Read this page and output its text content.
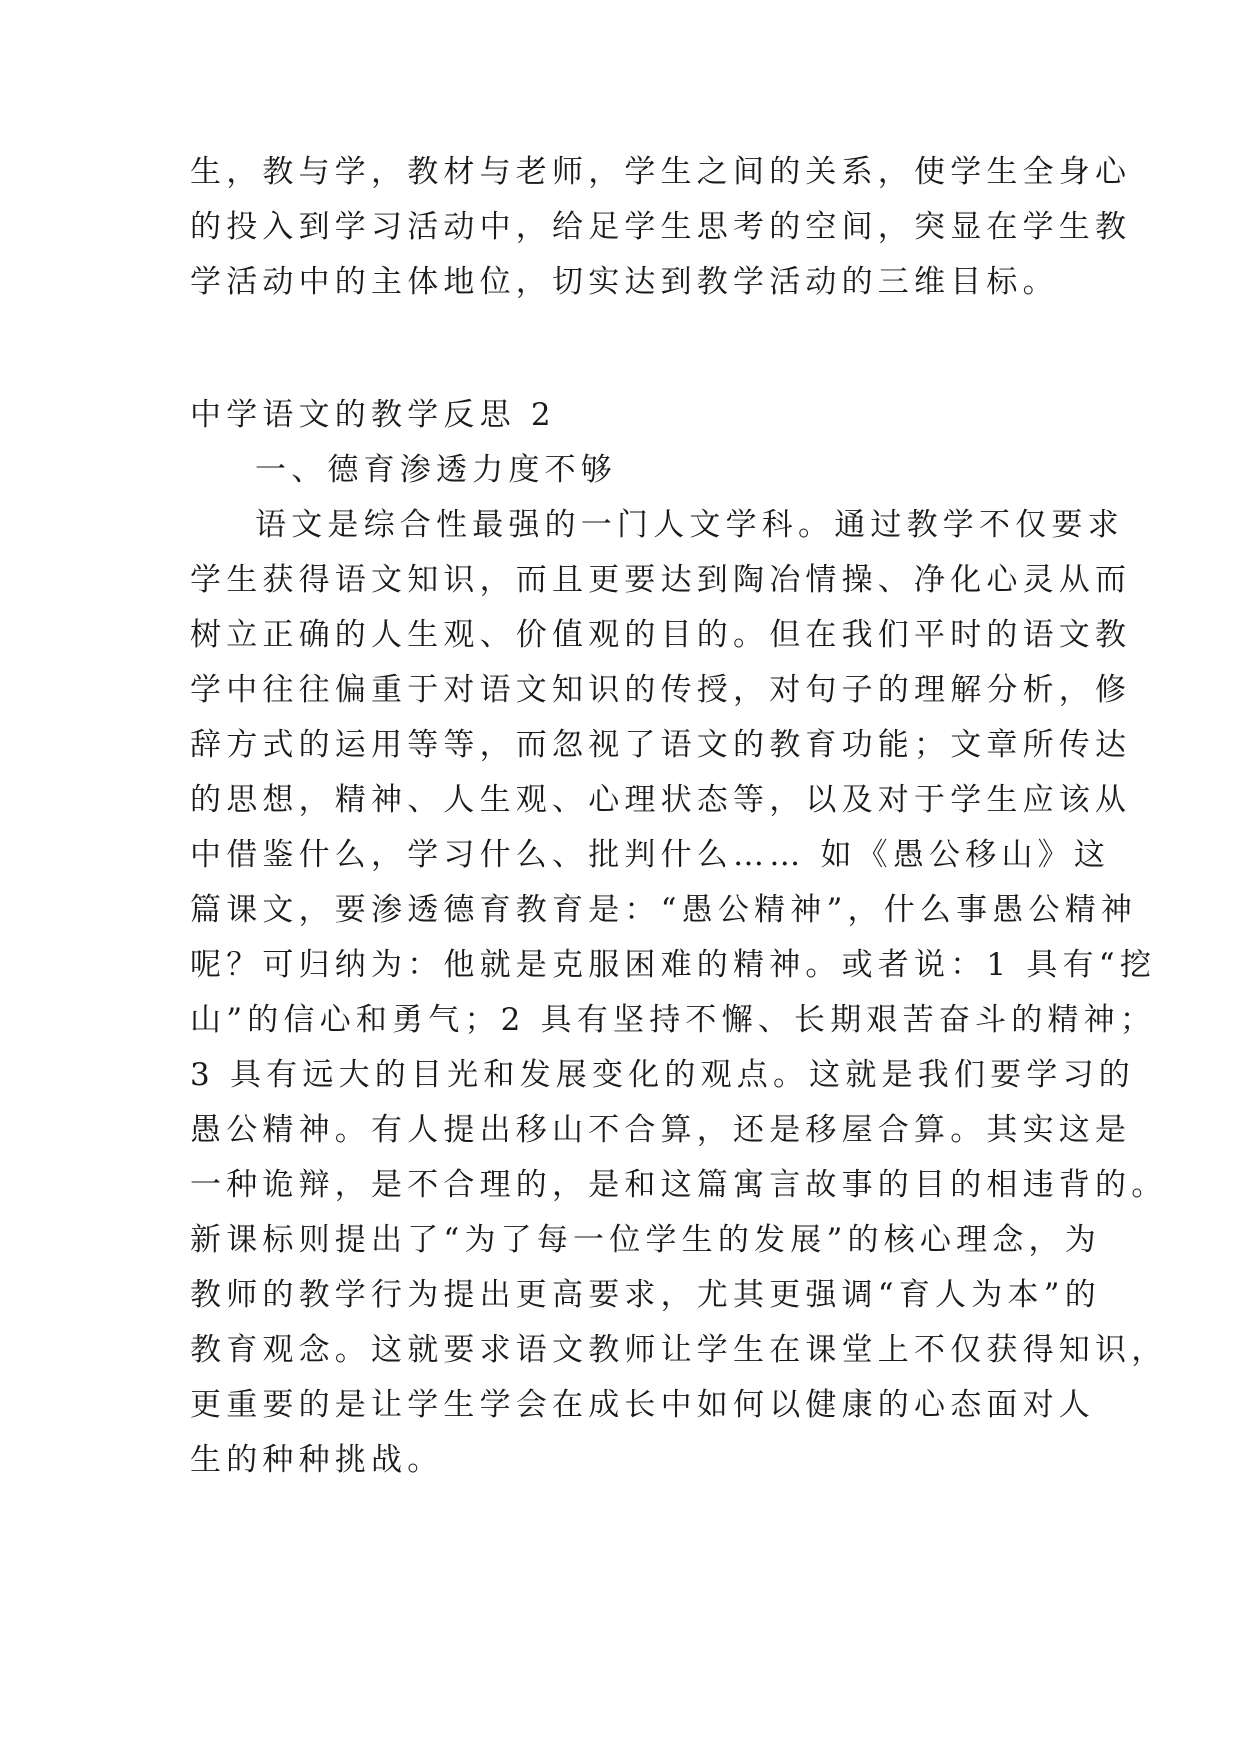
生，教与学，教材与老师，学生之间的关系，使学生全身心
的投入到学习活动中，给足学生思考的空间，突显在学生教
学活动中的主体地位，切实达到教学活动的三维目标。
中学语文的教学反思 2
一、德育渗透力度不够
语文是综合性最强的一门人文学科。通过教学不仅要求
学生获得语文知识，而且更要达到陶冶情操、净化心灵从而
树立正确的人生观、价值观的目的。但在我们平时的语文教
学中往往偏重于对语文知识的传授，对句子的理解分析，修
辞方式的运用等等，而忽视了语文的教育功能；文章所传达
的思想，精神、人生观、心理状态等，以及对于学生应该从
中借鉴什么，学习什么、批判什么…… 如《愚公移山》这
篇课文，要渗透德育教育是：“愚公精神”，什么事愚公精神
呢？可归纳为：他就是克服困难的精神。或者说：1 具有“挖
山”的信心和勇气；2 具有坚持不懈、长期艰苦奋斗的精神；
3 具有远大的目光和发展变化的观点。这就是我们要学习的
愚公精神。有人提出移山不合算，还是移屋合算。其实这是
一种诡辩，是不合理的，是和这篇寓言故事的目的相违背的。
新课标则提出了“为了每一位学生的发展”的核心理念，为
教师的教学行为提出更高要求，尤其更强调“育人为本”的
教育观念。这就要求语文教师让学生在课堂上不仅获得知识，
更重要的是让学生学会在成长中如何以健康的心态面对人
生的种种挑战。
